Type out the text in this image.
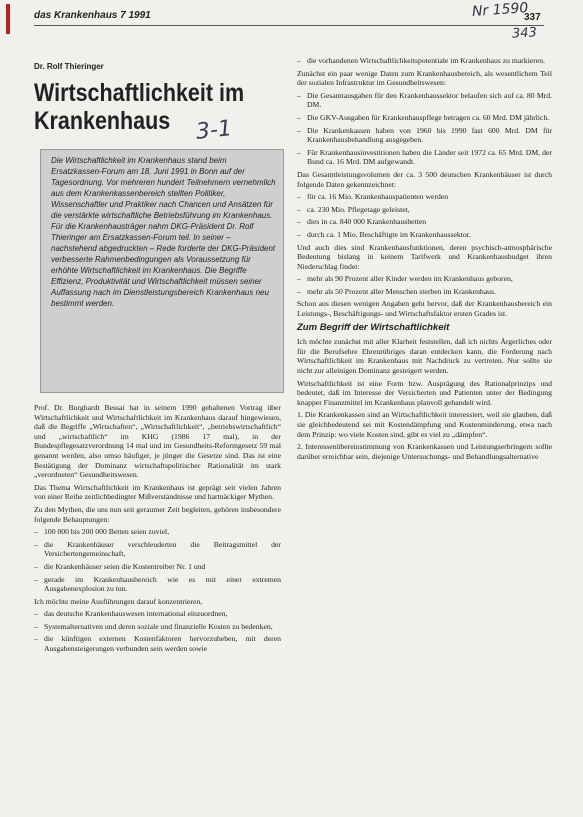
das Krankenhaus 7 1991	337
Nr 1590
343
3-1
Dr. Rolf Thieringer
Wirtschaftlichkeit im
Krankenhaus
Die Wirtschaftlichkeit im Krankenhaus stand beim Ersatzkassen-Forum am 18. Juni 1991 in Bonn auf der Tagesordnung. Vor mehreren hundert Teilnehmern vernehmlich aus dem Krankenkassenbereich stellten Politiker, Wissenschaftler und Praktiker nach Chancen und Ansätzen für die verstärkte wirtschaftliche Betriebsführung im Krankenhaus. Für die Krankenhausträger nahm DKG-Präsident Dr. Rolf Thieringer am Ersatzkassen-Forum teil. In seiner – nachstehend abgedruckten – Rede forderte der DKG-Präsident verbesserte Rahmenbedingungen als Voraussetzung für erhöhte Wirtschaftlichkeit im Krankenhaus. Die Begriffe Effizienz, Produktivität und Wirtschaftlichkeit müssen seiner Auffassung nach im Dienstleistungsbereich Krankenhaus neu bestimmt werden.

Prof. Dr. Burghardt Bessai hat in seinem 1990 gehaltenen Vortrag über Wirtschaftlichkeit und Wirtschaftlichkeit im Krankenhaus darauf hingewiesen, daß die Begriffe „Wirtschaften“, „Wirtschaftlichkeit“, „betriebswirtschaftlich“ und „wirtschaftlich“ im KHG (1986 17 mal), in der Bundespflegesatzverordnung 14 mal und im Gesundheits-Reformgesetz 59 mal genannt werden, also umso häufiger, je jünger die Gesetze sind. Das ist eine Bestätigung der Dominanz wirtschaftspolitischer Rationalität im stark „verordneten“ Gesundheitswesen.

Das Thema Wirtschaftlichkeit im Krankenhaus ist geprägt seit vielen Jahren von einer Reihe zeitlichbedingter Mißverständnisse und hartnäckiger Mythen.

Zu den Mythen, die uns nun seit geraumer Zeit begleiten, gehören insbesondere folgende Behauptungen:

– 100 000 bis 200 000 Betten seien zuviel,
– die Krankenhäuser verschleuderten die Beitragsmittel der Versichertengemeinschaft,
– die Krankenhäuser seien die Kostentreiber Nr. 1 und
– gerade im Krankenhausbereich wie es mit einer extremen Ausgabenexplosion zu tun.

Ich möchte meine Ausführungen darauf konzentrieren,

– das deutsche Krankenhauswesen international einzuordnen,
– Systemalternativen und deren soziale und finanzielle Kosten zu bedenken,
– die künftigen externen Kostenfaktoren hervorzuheben, mit deren Ausgabensteigerungen verbunden sein werden sowie
– die vorhandenen Wirtschaftlichkeitspotentiale im Krankenhaus zu markieren.

Zunächst ein paar wenige Daten zum Krankenhausbereich, als wesentlichem Teil der sozialen Infrastruktur im Gesundheitswesen:

– Die Gesamtausgaben für den Krankenhaussektor belaufen sich auf ca. 80 Mrd. DM.
– Die GKV-Ausgaben für Krankenhauspflege betragen ca. 60 Mrd. DM jährlich.
– Die Krankenkassen haben von 1960 bis 1990 fast 600 Mrd. DM für Krankenhausbehandlung ausgegeben.
– Für Krankenhausinvestitionen haben die Länder seit 1972 ca. 65 Mrd. DM, der Bund ca. 16 Mrd. DM aufgewandt.

Das Gesamtleistungsvolumen der ca. 3 500 deutschen Krankenhäuser ist durch folgende Daten gekennzeichnet:

– für ca. 16 Mio. Krankenhauspatienten werden
– ca. 230 Mio. Pflegetage geleistet,
– dies in ca. 840 000 Krankenhausbetten
– durch ca. 1 Mio. Beschäftigte im Krankenhaussektor.

Und auch dies sind Krankenhausfunktionen, deren psychisch-atmosphärische Bedeutung bislang in keinem Tarifwerk und Krankenhausbudget ihren Niederschlag findet:

– mehr als 90 Prozent aller Kinder werden im Krankenhaus geboren,
– mehr als 50 Prozent aller Menschen sterben im Krankenhaus.

Schon aus diesen wenigen Angaben geht hervor, daß der Krankenhausbereich ein Leistungs-, Beschäftigungs- und Wirtschaftsfaktor ersten Grades ist.

Zum Begriff der Wirtschaftlichkeit

Ich möchte zunächst mit aller Klarheit feststellen, daß ich nichts Ärgerliches oder für die Berufsehre Ehrenrühriges daran entdecken kann, die Forderung nach Wirtschaftlichkeit im Krankenhaus mit Nachdruck zu vertreten. Nur sollte sie nicht zur alleinigen Dominanz gesteigert werden.

Wirtschaftlichkeit ist eine Form bzw. Ausprägung des Rationalprinzips und bedeutet, daß im Interesse der Versicherten und Patienten unter der Bedingung knapper Finanzmittel im Krankenhaus planvoll gehandelt wird.

1. Die Krankenkassen sind an Wirtschaftlichkeit interessiert, weil sie glauben, daß sie gleichbedeutend sei mit Kostendämpfung und Kostenminderung, etwa nach dem Prinzip: wo viele Kosten sind, gibt es viel zu „dämpfen“.

2. Interessenübereinstimmung von Krankenkassen und Leistungserbringern sollte darüber erreichbar sein, diejenige Untersuchungs- und Behandlungsalternative
